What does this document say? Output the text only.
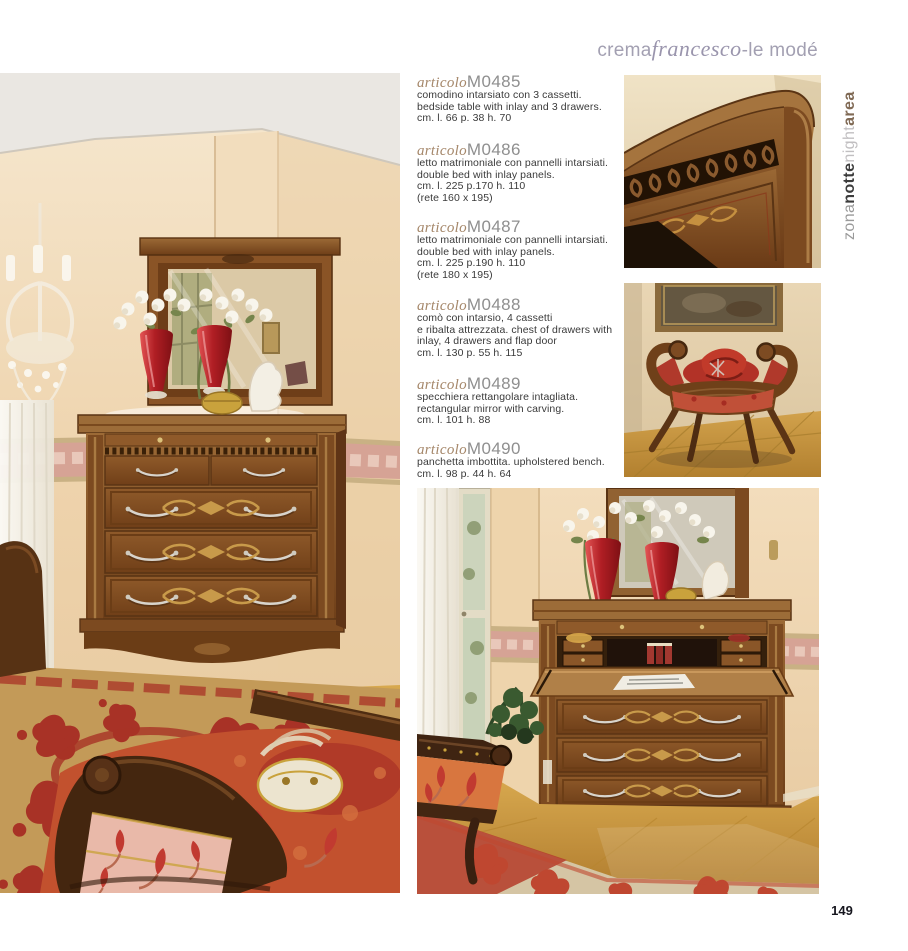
cremafrancesco-le modé
zonanottenightarea
articoloM0485
comodino intarsiato con 3 cassetti.
bedside table with inlay and 3 drawers.
cm. l. 66 p. 38 h. 70
articoloM0486
letto matrimoniale con pannelli intarsiati.
double bed with inlay panels.
cm. l. 225 p.170 h. 110
(rete 160 x 195)
articoloM0487
letto matrimoniale con pannelli intarsiati.
double bed with inlay panels.
cm. l. 225 p.190 h. 110
(rete 180 x 195)
articoloM0488
comò con intarsio, 4 cassetti
e ribalta attrezzata. chest of drawers with
inlay, 4 drawers and flap door
cm. l. 130 p. 55 h. 115
articoloM0489
specchiera rettangolare intagliata.
rectangular mirror with carving.
cm. l. 101 h. 88
articoloM0490
panchetta imbottita. upholstered bench.
cm. l. 98 p. 44 h. 64
149
